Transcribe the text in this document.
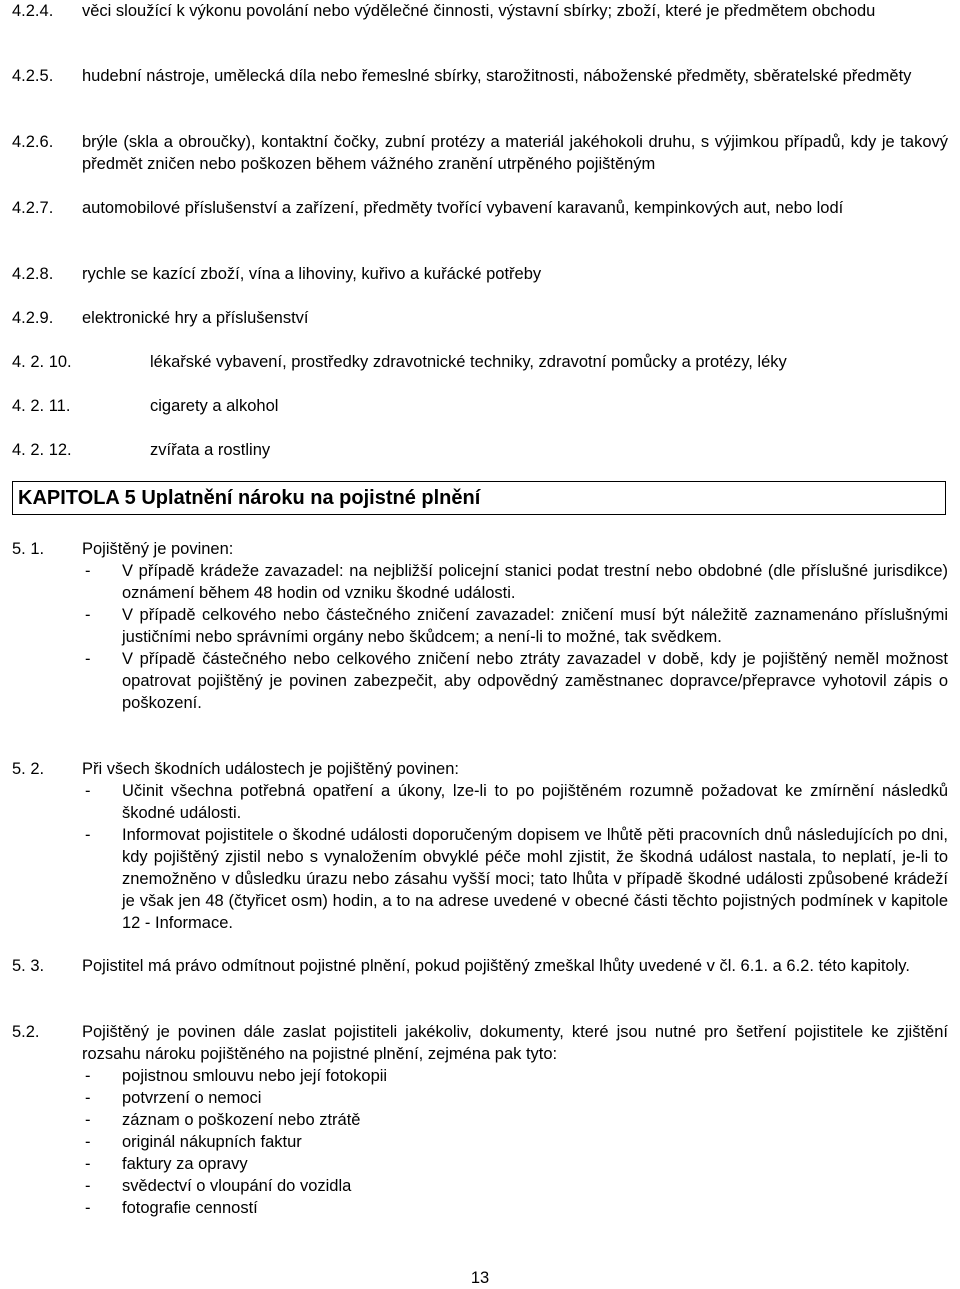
4.2.4. věci sloužící k výkonu povolání nebo výdělečné činnosti, výstavní sbírky; zboží, které je předmětem obchodu
4.2.5. hudební nástroje, umělecká díla nebo řemeslné sbírky, starožitnosti, náboženské předměty, sběratelské předměty
4.2.6. brýle (skla a obroučky), kontaktní čočky, zubní protézy a materiál jakéhokoli druhu, s výjimkou případů, kdy je takový předmět zničen nebo poškozen během vážného zranění utrpěného pojištěným
4.2.7. automobilové příslušenství a zařízení, předměty tvořící vybavení karavanů, kempinkových aut, nebo lodí
4.2.8. rychle se kazící zboží, vína a lihoviny, kuřivo a kuřácké potřeby
4.2.9. elektronické hry a příslušenství
4. 2. 10.	lékařské vybavení, prostředky zdravotnické techniky, zdravotní pomůcky a protézy, léky
4. 2. 11.	cigarety a alkohol
4. 2. 12.	zvířata a rostliny
KAPITOLA 5 Uplatnění nároku na pojistné plnění
5. 1. Pojištěný je povinen:
- V případě krádeže zavazadel: na nejbližší policejní stanici podat trestní nebo obdobné (dle příslušné jurisdikce) oznámení během 48 hodin od vzniku škodné události.
- V případě celkového nebo částečného zničení zavazadel: zničení musí být náležitě zaznamenáno příslušnými justičními nebo správními orgány nebo škůdcem; a není-li to možné, tak svědkem.
- V případě částečného nebo celkového zničení nebo ztráty zavazadel v době, kdy je pojištěný neměl možnost opatrovat pojištěný je povinen zabezpečit, aby odpovědný zaměstnanec dopravce/přepravce vyhotovil zápis o poškození.
5. 2. Při všech škodních událostech je pojištěný povinen:
- Učinit všechna potřebná opatření a úkony, lze-li to po pojištěném rozumně požadovat ke zmírnění následků škodné události.
- Informovat pojistitele o škodné události doporučeným dopisem ve lhůtě pěti pracovních dnů následujících po dni, kdy pojištěný zjistil nebo s vynaložením obvyklé péče mohl zjistit, že škodná událost nastala, to neplatí, je-li to znemožněno v důsledku úrazu nebo zásahu vyšší moci; tato lhůta v případě škodné události způsobené krádeží je však jen 48 (čtyřicet osm) hodin, a to na adrese uvedené v obecné části těchto pojistných podmínek v kapitole 12 - Informace.
5. 3. Pojistitel má právo odmítnout pojistné plnění, pokud pojištěný zmeškal lhůty uvedené v čl. 6.1. a 6.2. této kapitoly.
5.2.	Pojištěný je povinen dále zaslat pojistiteli jakékoliv, dokumenty, které jsou nutné pro šetření pojistitele ke zjištění rozsahu nároku pojištěného na pojistné plnění, zejména pak tyto:
- pojistnou smlouvu nebo její fotokopii
- potvrzení o nemoci
- záznam o poškození nebo ztrátě
- originál nákupních faktur
- faktury za opravy
- svědectví o vloupání do vozidla
- fotografie cenností
13
